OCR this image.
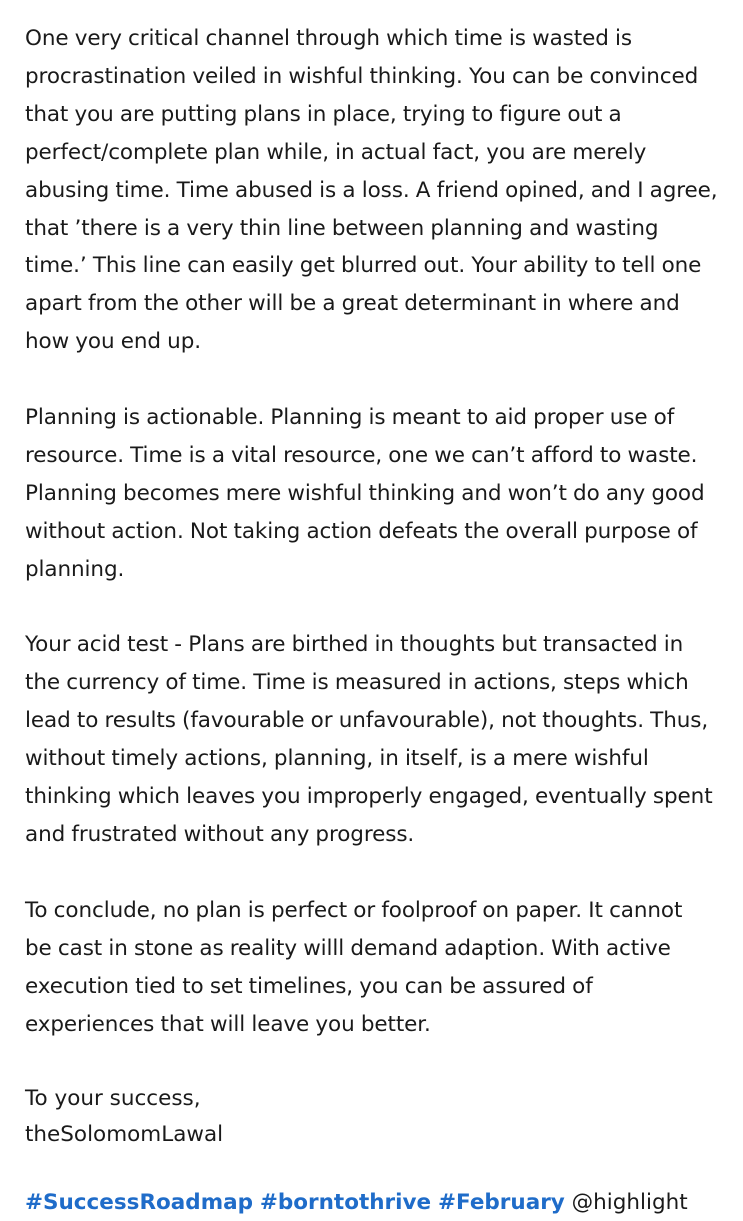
One very critical channel through which time is wasted is
procrastination veiled in wishful thinking. You can be convinced
that you are putting plans in place, trying to figure out a
perfect/complete plan while, in actual fact, you are merely
abusing time. Time abused is a loss. A friend opined, and I agree,
that ’there is a very thin line between planning and wasting
time.’ This line can easily get blurred out. Your ability to tell one
apart from the other will be a great determinant in where and
how you end up.
Planning is actionable. Planning is meant to aid proper use of
resource. Time is a vital resource, one we can’t afford to waste.
Planning becomes mere wishful thinking and won’t do any good
without action. Not taking action defeats the overall purpose of
planning.
Your acid test - Plans are birthed in thoughts but transacted in
the currency of time. Time is measured in actions, steps which
lead to results (favourable or unfavourable), not thoughts. Thus,
without timely actions, planning, in itself, is a mere wishful
thinking which leaves you improperly engaged, eventually spent
and frustrated without any progress.
To conclude, no plan is perfect or foolproof on paper. It cannot
be cast in stone as reality willl demand adaption. With active
execution tied to set timelines, you can be assured of
experiences that will leave you better.
To your success,
theSolomomLawal
#SuccessRoadmap #borntothrive #February @highlight
